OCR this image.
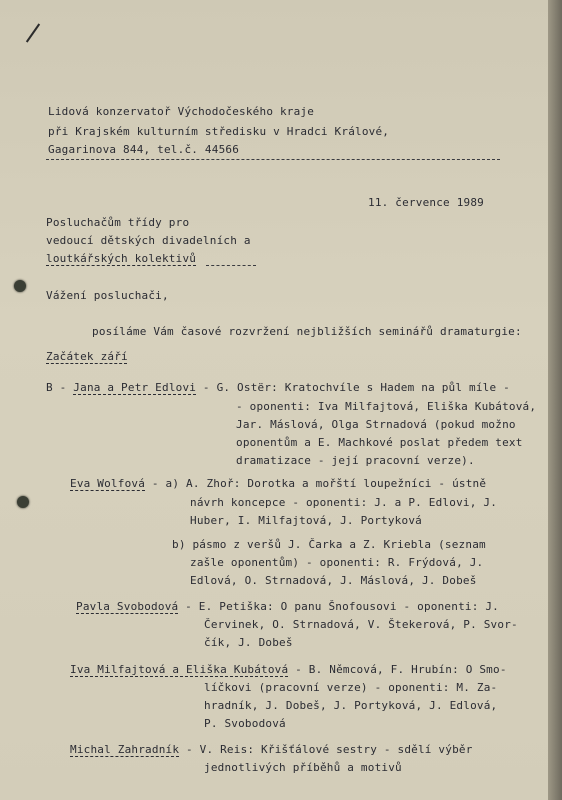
Lidová konzervatoř Východočeského kraje
při Krajském kulturním středisku v Hradci Králové,
Gagarinova 844, tel.č. 44566
11. července 1989
Posluchačům třídy pro
vedoucí dětských divadelních a
loutkářských kolektivů
Vážení posluchači,
posíláme Vám časové rozvržení nejbližších seminářů dramaturgie:
Začátek září
B - Jana a Petr Edlovi - G. Ostër: Kratochvíle s Hadem na půl míle -
- oponenti: Iva Milfajtová, Eliška Kubátová,
Jar. Máslová, Olga Strnadová (pokud možno
oponentům a E. Machkové poslat předem text
dramatizace - její pracovní verze).
Eva Wolfová - a) A. Zhoř: Dorotka a mořští loupežníci - ústně
návrh koncepce - oponenti: J. a P. Edlovi, J.
Huber, I. Milfajtová, J. Portyková
b) pásmo z veršů J. Čarka a Z. Kriebla (seznam
zašle oponentům) - oponenti: R. Frýdová, J.
Edlová, O. Strnadová, J. Máslová, J. Dobeš
Pavla Svobodová - E. Petiška: O panu Šnofousovi - oponenti: J.
Červinek, O. Strnadová, V. Štekerová, P. Svor-
čík, J. Dobeš
Iva Milfajtová a Eliška Kubátová - B. Němcová, F. Hrubín: O Smo-
líčkovi (pracovní verze) - oponenti: M. Za-
hradník, J. Dobeš, J. Portyková, J. Edlová,
P. Svobodová
Michal Zahradník - V. Reis: Křišťálové sestry - sdělí výběr
jednotlivých příběhů a motivů
